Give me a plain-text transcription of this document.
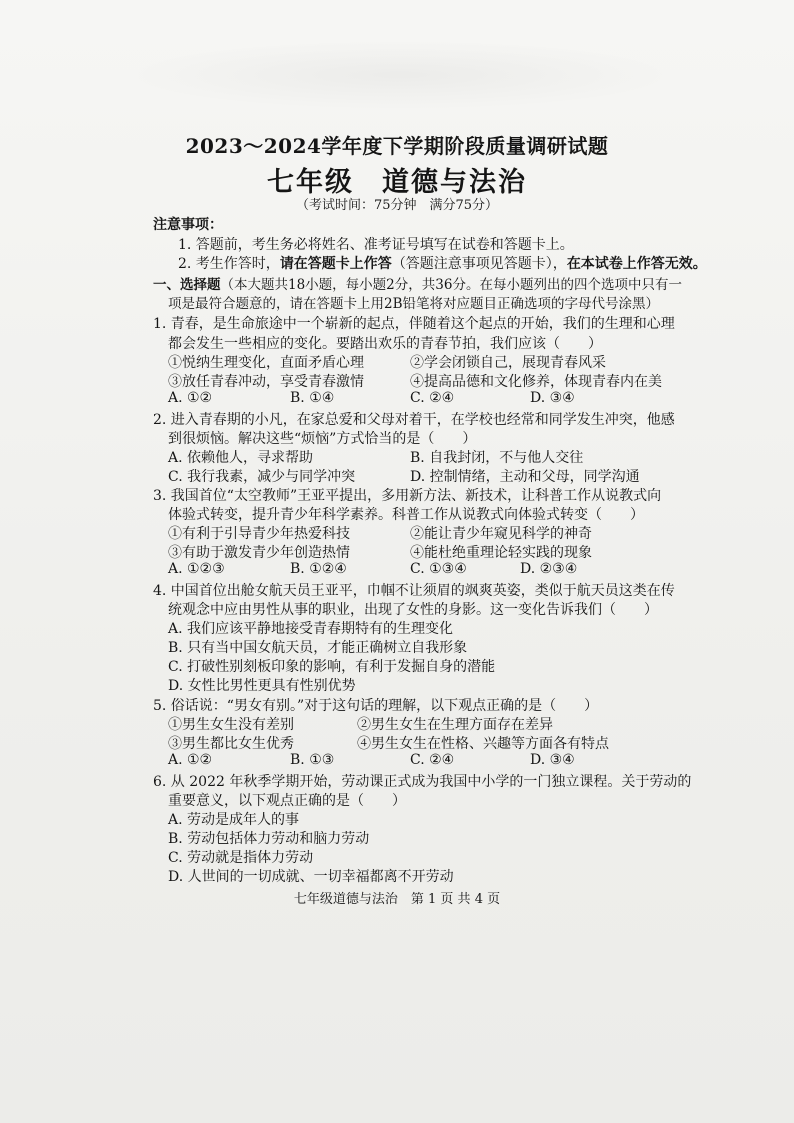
2023～2024学年度下学期阶段质量调研试题
七年级 道德与法治
（考试时间：75分钟　满分75分）
注意事项：
1. 答题前，考生务必将姓名、准考证号填写在试卷和答题卡上。
2. 考生作答时，请在答题卡上作答（答题注意事项见答题卡），在本试卷上作答无效。
一、选择题（本大题共18小题，每小题2分，共36分。在每小题列出的四个选项中只有一
项是最符合题意的，请在答题卡上用2B铅笔将对应题目正确选项的字母代号涂黑）
1. 青春，是生命旅途中一个崭新的起点，伴随着这个起点的开始，我们的生理和心理
都会发生一些相应的变化。要踏出欢乐的青春节拍，我们应该（　　）
①悦纳生理变化，直面矛盾心理	②学会闭锁自己，展现青春风采
③放任青春冲动，享受青春激情	④提高品德和文化修养，体现青春内在美
A. ①②	B. ①④	C. ②④	D. ③④
2. 进入青春期的小凡，在家总爱和父母对着干，在学校也经常和同学发生冲突，他感
到很烦恼。解决这些“烦恼”方式恰当的是（　　）
A. 依赖他人，寻求帮助	B. 自我封闭，不与他人交往
C. 我行我素，减少与同学冲突	D. 控制情绪，主动和父母，同学沟通
3. 我国首位“太空教师”王亚平提出，多用新方法、新技术，让科普工作从说教式向
体验式转变，提升青少年科学素养。科普工作从说教式向体验式转变（　　）
①有利于引导青少年热爱科技	②能让青少年窥见科学的神奇
③有助于激发青少年创造热情	④能杜绝重理论轻实践的现象
A. ①②③	B. ①②④	C. ①③④	D. ②③④
4. 中国首位出舱女航天员王亚平，巾帼不让须眉的飒爽英姿，类似于航天员这类在传
统观念中应由男性从事的职业，出现了女性的身影。这一变化告诉我们（　　）
A. 我们应该平静地接受青春期特有的生理变化
B. 只有当中国女航天员，才能正确树立自我形象
C. 打破性别刻板印象的影响，有利于发掘自身的潜能
D. 女性比男性更具有性别优势
5. 俗话说：“男女有别。”对于这句话的理解，以下观点正确的是（　　）
①男生女生没有差别	②男生女生在生理方面存在差异
③男生都比女生优秀	④男生女生在性格、兴趣等方面各有特点
A. ①②	B. ①③	C. ②④	D. ③④
6. 从 2022 年秋季学期开始，劳动课正式成为我国中小学的一门独立课程。关于劳动的
重要意义，以下观点正确的是（　　）
A. 劳动是成年人的事
B. 劳动包括体力劳动和脑力劳动
C. 劳动就是指体力劳动
D. 人世间的一切成就、一切幸福都离不开劳动
七年级道德与法治　第 1 页 共 4 页
